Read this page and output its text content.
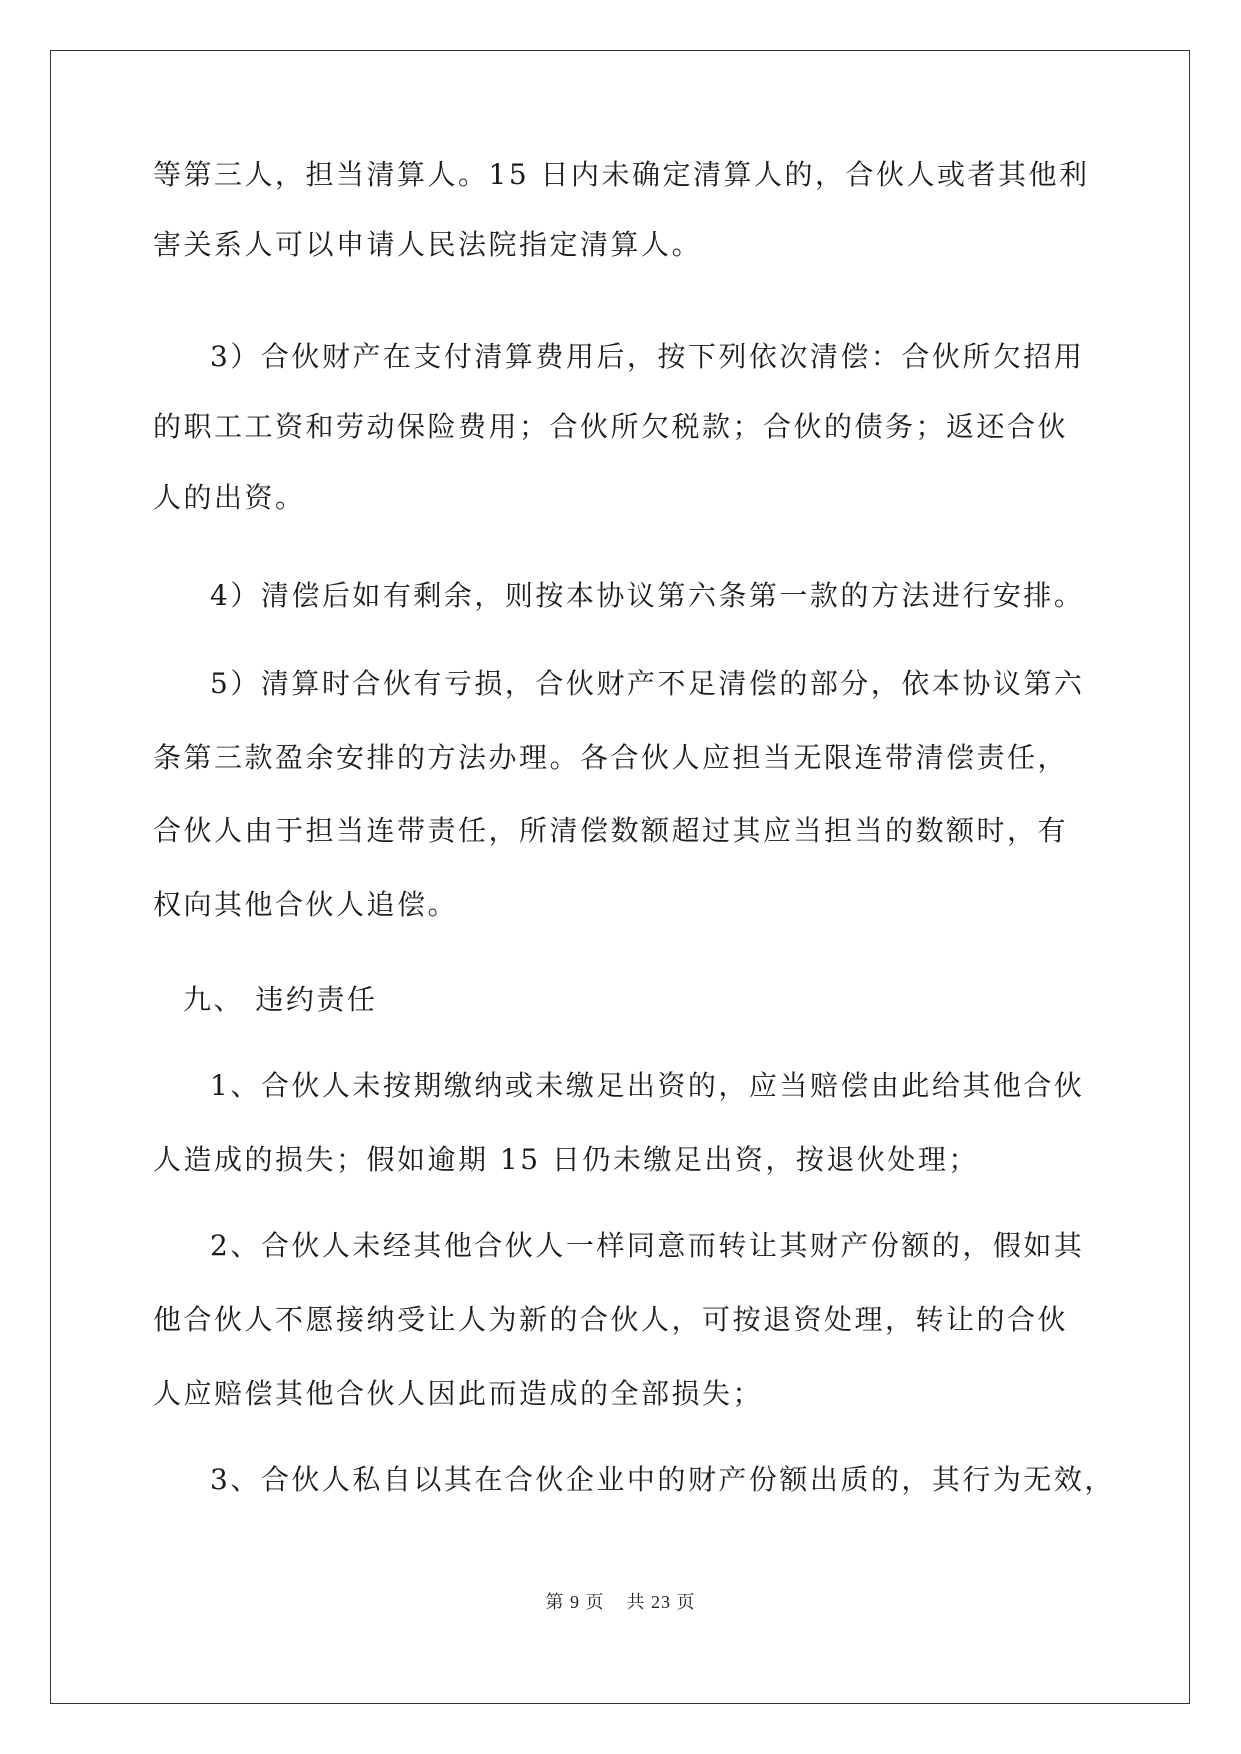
等第三人，担当清算人。15 日内未确定清算人的，合伙人或者其他利

害关系人可以申请人民法院指定清算人。

3）合伙财产在支付清算费用后，按下列依次清偿：合伙所欠招用

的职工工资和劳动保险费用；合伙所欠税款；合伙的债务；返还合伙

人的出资。

4）清偿后如有剩余，则按本协议第六条第一款的方法进行安排。

5）清算时合伙有亏损，合伙财产不足清偿的部分，依本协议第六

条第三款盈余安排的方法办理。各合伙人应担当无限连带清偿责任，

合伙人由于担当连带责任，所清偿数额超过其应当担当的数额时，有

权向其他合伙人追偿。

九、 违约责任

1、合伙人未按期缴纳或未缴足出资的，应当赔偿由此给其他合伙

人造成的损失；假如逾期 15 日仍未缴足出资，按退伙处理；

2、合伙人未经其他合伙人一样同意而转让其财产份额的，假如其

他合伙人不愿接纳受让人为新的合伙人，可按退资处理，转让的合伙

人应赔偿其他合伙人因此而造成的全部损失；

3、合伙人私自以其在合伙企业中的财产份额出质的，其行为无效，

第 9 页 共 23 页
